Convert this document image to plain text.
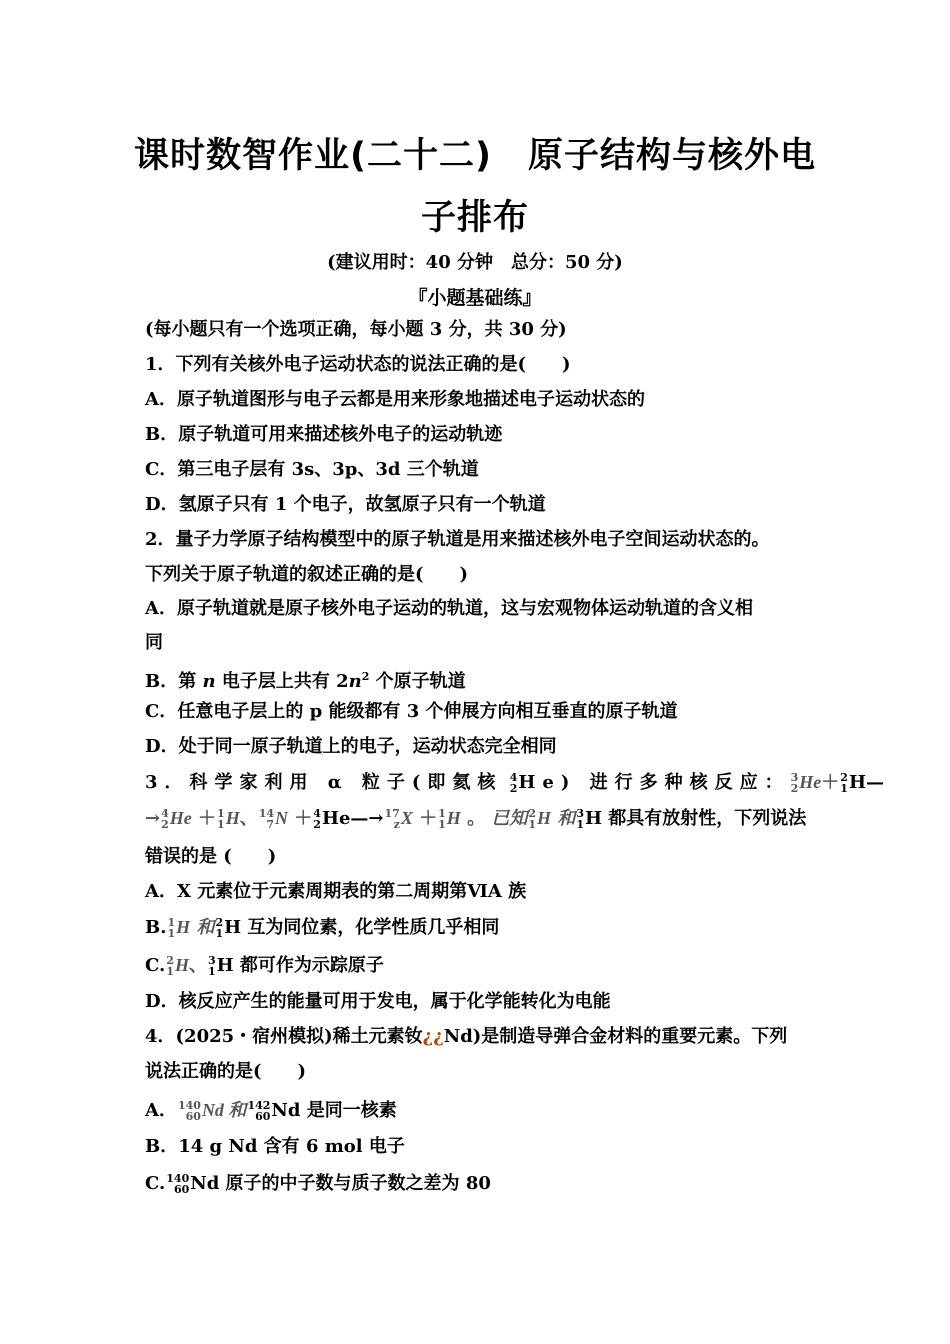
课时数智作业(二十二)　原子结构与核外电
子排布
(建议用时：40 分钟　总分：50 分)
『小题基础练』
(每小题只有一个选项正确，每小题 3 分，共 30 分)
1．下列有关核外电子运动状态的说法正确的是(　　)
A．原子轨道图形与电子云都是用来形象地描述电子运动状态的
B．原子轨道可用来描述核外电子的运动轨迹
C．第三电子层有 3s、3p、3d 三个轨道
D．氢原子只有 1 个电子，故氢原子只有一个轨道
2．量子力学原子结构模型中的原子轨道是用来描述核外电子空间运动状态的。
下列关于原子轨道的叙述正确的是(　　)
A．原子轨道就是原子核外电子运动的轨道，这与宏观物体运动轨道的含义相
同
B．第 n 电子层上共有 $2n^2$ 个原子轨道
C．任意电子层上的 p 能级都有 3 个伸展方向相互垂直的原子轨道
D．处于同一原子轨道上的电子，运动状态完全相同
3．科学家利用 α 粒子(即氦核 4
2 He) 进行多种核反应： 3
2 He＋ 2
1 H—
→ 4
2 He ＋ 1
1 H、 14
7 N ＋ 4
2 He—→ 17
z X ＋ 1
1 H 。 已知 2
1 H 和 3
1 H 都具有放射性，下列说法
错误的是 (　　)
A．X 元素位于元素周期表的第二周期第ⅥA 族
B. 1
1 H 和 2
1 H 互为同位素，化学性质几乎相同
C. 2
1 H、 3
1 H 都可作为示踪原子
D．核反应产生的能量可用于发电，属于化学能转化为电能
4．(2025・宿州模拟)稀土元素钕¿¿Nd)是制造导弹合金材料的重要元素。下列
说法正确的是(　　)
A． 140
60 Nd 和 142
60 Nd 是同一核素
B．14 g Nd 含有 6 mol 电子
C. 140
60 Nd 原子的中子数与质子数之差为 80
